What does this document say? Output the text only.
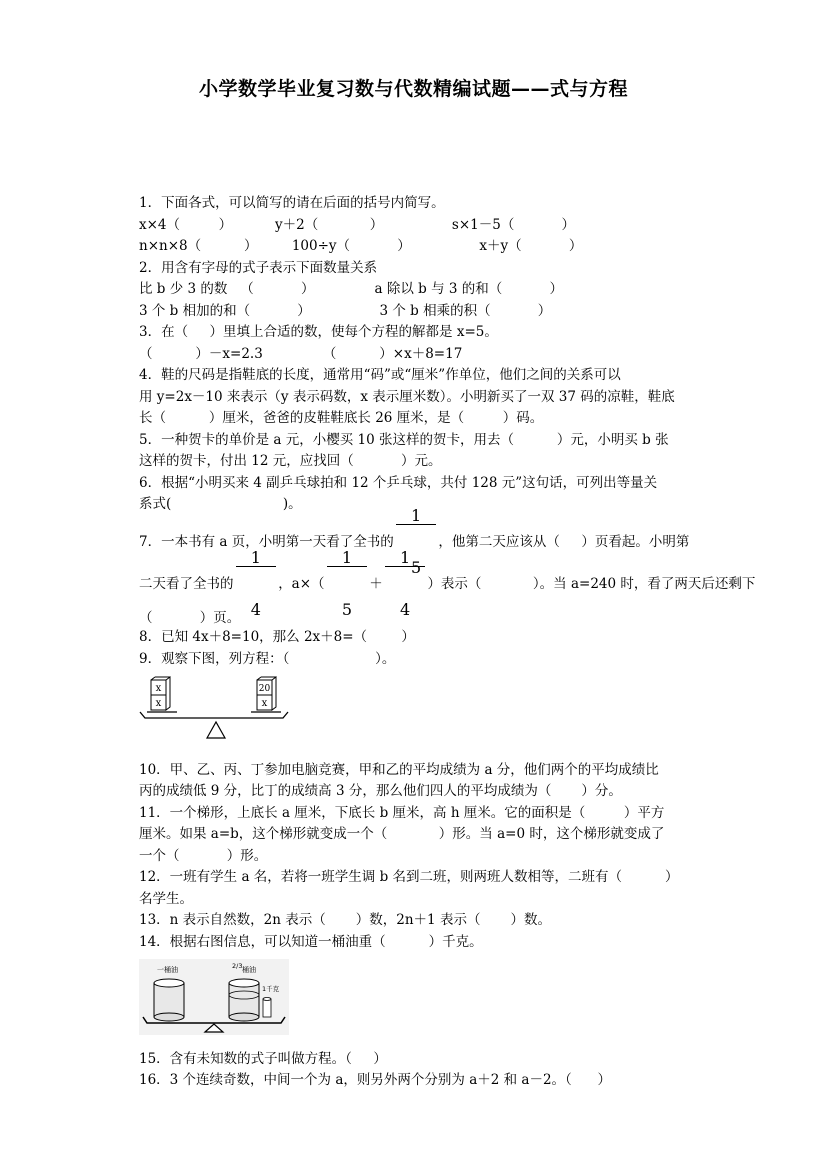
小学数学毕业复习数与代数精编试题——式与方程
1．下面各式，可以简写的请在后面的括号内简写。
x×4（         ）          y＋2（            ）                s×1－5（           ）
n×n×8（          ）        100÷y（           ）                x＋y（           ）
2．用含有字母的式子表示下面数量关系
比 b 少 3 的数   （           ）              a 除以 b 与 3 的和（           ）
3 个 b 相加的和（           ）                3 个 b 相乘的积（           ）
3．在（     ）里填上合适的数，使每个方程的解都是 x=5。
（          ）－x=2.3              （          ）×x＋8=17
4．鞋的尺码是指鞋底的长度，通常用“码”或“厘米”作单位，他们之间的关系可以
用 y=2x－10 来表示（y 表示码数，x 表示厘米数）。小明新买了一双 37 码的凉鞋，鞋底
长（          ）厘米，爸爸的皮鞋鞋底长 26 厘米，是（         ）码。
5．一种贺卡的单价是 a 元，小樱买 10 张这样的贺卡，用去（          ）元，小明买 b 张
这样的贺卡，付出 12 元，应找回（           ）元。
6．根据“小明买来 4 副乒乓球拍和 12 个乒乓球，共付 128 元”这句话，可列出等量关
系式(                          )。
7．一本书有 a 页，小明第一天看了全书的

$\frac{1}{5}$

，他第二天应该从（     ）页看起。小明第
二天看了全书的

$\frac{1}{4}$

，a×（

$\frac{1}{5}$

＋

$\frac{1}{4}$

）表示（            ）。当 a=240 时，看了两天后还剩下
（           ）页。
8．已知 4x＋8=10，那么 2x＋8=（        ）
9．观察下图，列方程：（                    ）。
x
x
20
x
10．甲、乙、丙、丁参加电脑竞赛，甲和乙的平均成绩为 a 分，他们两个的平均成绩比
丙的成绩低 9 分，比丁的成绩高 3 分，那么他们四人的平均成绩为（       ）分。
11．一个梯形，上底长 a 厘米，下底长 b 厘米，高 h 厘米。它的面积是（         ）平方
厘米。如果 a=b，这个梯形就变成一个（            ）形。当 a=0 时，这个梯形就变成了
一个（           ）形。
12．一班有学生 a 名，若将一班学生调 b 名到二班，则两班人数相等，二班有（          ）
名学生。
13．n 表示自然数，2n 表示（       ）数，2n＋1 表示（       ）数。
14．根据右图信息，可以知道一桶油重（          ）千克。
一桶油	2/3 桶油
1千克
15．含有未知数的式子叫做方程。（     ）
16．3 个连续奇数，中间一个为 a，则另外两个分别为 a＋2 和 a－2。（      ）
